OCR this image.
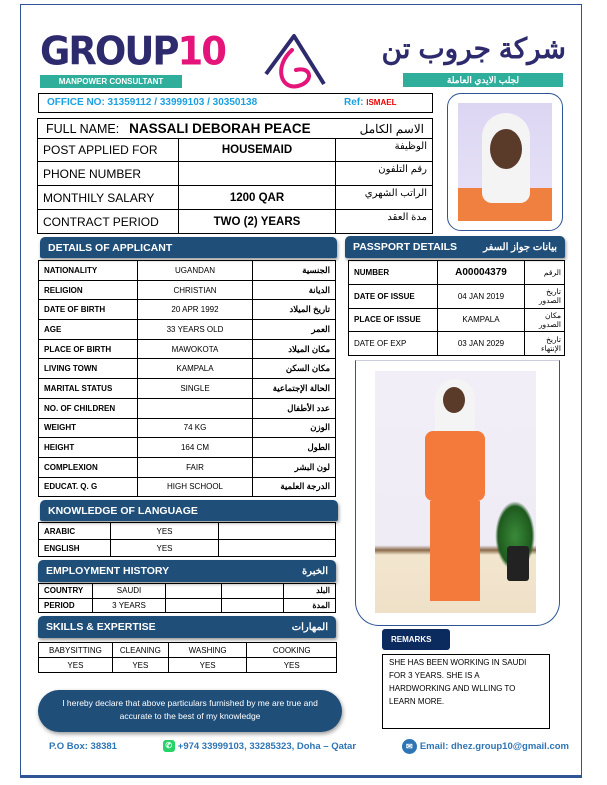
GROUP10
MANPOWER CONSULTANT
شركة جروب تن
لجلب الايدي العاملة
OFFICE NO: 31359112 / 33999103 / 30350138	Ref: ISMAEL
FULL NAME: NASSALI DEBORAH PEACE	الاسم الكامل
POST APPLIED FOR	HOUSEMAID	الوظيفة
PHONE NUMBER		رقم التلفون
MONTHILY SALARY	1200 QAR	الراتب الشهري
CONTRACT PERIOD	TWO (2) YEARS	مدة العقد
DETAILS OF APPLICANT
NATIONALITY	UGANDAN	الجنسية
RELIGION	CHRISTIAN	الديانة
DATE OF BIRTH	20 APR 1992	تاريخ الميلاد
AGE	33 YEARS OLD	العمر
PLACE OF BIRTH	MAWOKOTA	مكان الميلاد
LIVING TOWN	KAMPALA	مكان السكن
MARITAL STATUS	SINGLE	الحالة الإجتماعية
NO. OF CHILDREN		عدد الأطفال
WEIGHT	74 KG	الوزن
HEIGHT	164 CM	الطول
COMPLEXION	FAIR	لون البشر
EDUCAT. Q. G	HIGH SCHOOL	الدرجة العلمية
PASSPORT DETAILS	بيانات جواز السفر
NUMBER	A00004379	الرقم
DATE OF ISSUE	04 JAN 2019	تاريخ الصدور
PLACE OF ISSUE	KAMPALA	مكان الصدور
DATE OF EXP	03 JAN 2029	تاريخ الإنتهاء
KNOWLEDGE OF LANGUAGE
ARABIC	YES	
ENGLISH	YES	
EMPLOYMENT HISTORY	الخبرة
COUNTRY	SAUDI			البلد
PERIOD	3 YEARS			المدة
SKILLS & EXPERTISE	المهارات
BABYSITTING	CLEANING	WASHING	COOKING
YES	YES	YES	YES
REMARKS
SHE HAS BEEN WORKING IN SAUDI FOR 3 YEARS. SHE IS A HARDWORKING AND WLLING TO LEARN MORE.
I hereby declare that above particulars furnished by me are true and accurate to the best of my knowledge
P.O Box: 38381	✆ +974 33999103, 33285323, Doha – Qatar	✉ Email: dhez.group10@gmail.com
